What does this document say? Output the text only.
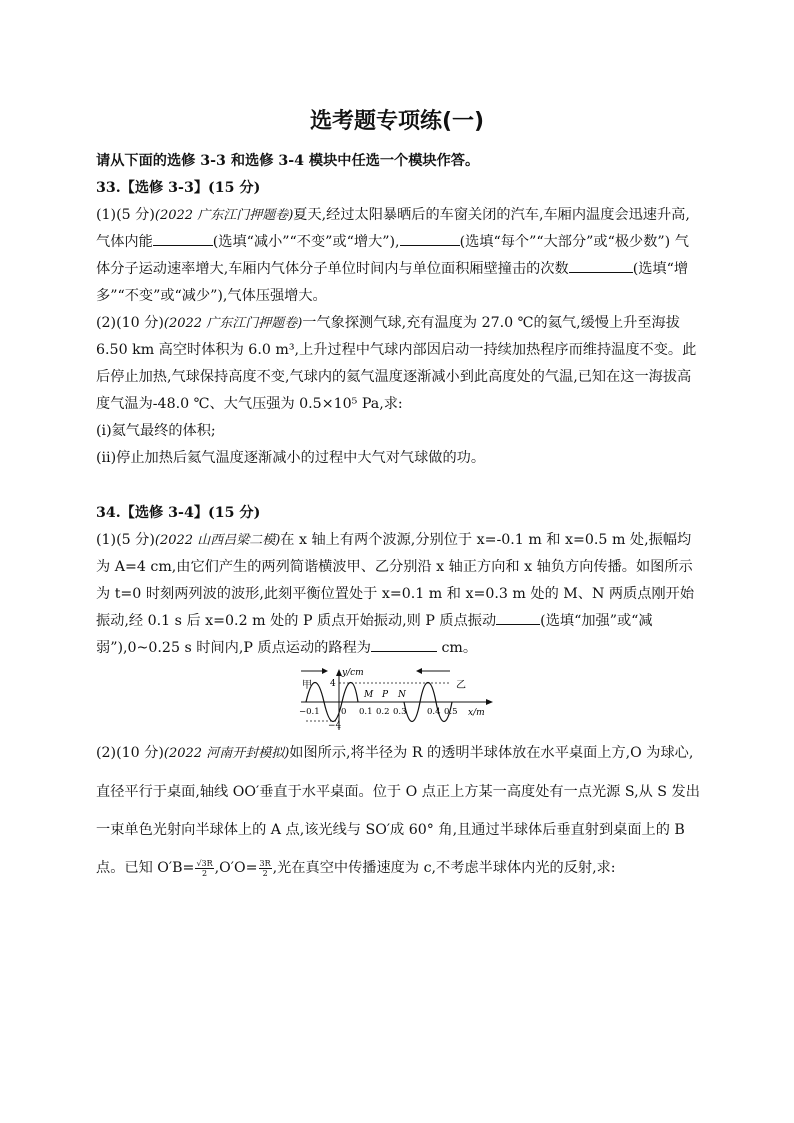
选考题专项练(一)

请从下面的选修 3-3 和选修 3-4 模块中任选一个模块作答。

33.【选修 3-3】(15 分)

(1)(5 分)(2022 广东江门押题卷)夏天,经过太阳暴晒后的车窗关闭的汽车,车厢内温度会迅速升高,气体内能	(选填“减小”“不变”或“增大”),	(选填“每个”“大部分”或“极少数”) 气体分子运动速率增大,车厢内气体分子单位时间内与单位面积厢壁撞击的次数	(选填“增多”“不变”或“减少”),气体压强增大。

(2)(10 分)(2022 广东江门押题卷)一气象探测气球,充有温度为 27.0 ℃的氦气,缓慢上升至海拔 6.50 km 高空时体积为 6.0 m³,上升过程中气球内部因启动一持续加热程序而维持温度不变。此后停止加热,气球保持高度不变,气球内的氦气温度逐渐减小到此高度处的气温,已知在这一海拔高度气温为-48.0 ℃、大气压强为 0.5×10⁵ Pa,求:

(ⅰ)氦气最终的体积;

(ⅱ)停止加热后氦气温度逐渐减小的过程中大气对气球做的功。

34.【选修 3-4】(15 分)

(1)(5 分)(2022 山西吕梁二模)在 x 轴上有两个波源,分别位于 x=-0.1 m 和 x=0.5 m 处,振幅均为 A=4 cm,由它们产生的两列简谐横波甲、乙分别沿 x 轴正方向和 x 轴负方向传播。如图所示为 t=0 时刻两列波的波形,此刻平衡位置处于 x=0.1 m 和 x=0.3 m 处的 M、N 两质点刚开始振动,经 0.1 s 后 x=0.2 m 处的 P 质点开始振动,则 P 质点振动	(选填“加强”或“减弱”),0~0.25 s 时间内,P 质点运动的路程为	cm。

y/cm
4
−4
甲	乙
M P N
−0.1	0 0.1 0.2 0.3 0.4 0.5 x/m

(2)(10 分)(2022 河南开封模拟)如图所示,将半径为 R 的透明半球体放在水平桌面上方,O 为球心,直径平行于桌面,轴线 OO′垂直于水平桌面。位于 O 点正上方某一高度处有一点光源 S,从 S 发出一束单色光射向半球体上的 A 点,该光线与 SO′成 60° 角,且通过半球体后垂直射到桌面上的 B 点。已知 $O'B= \frac{√3R}{2} ,O'O= \frac{3R}{2}$ ,光在真空中传播速度为 c,不考虑半球体内光的反射,求:
